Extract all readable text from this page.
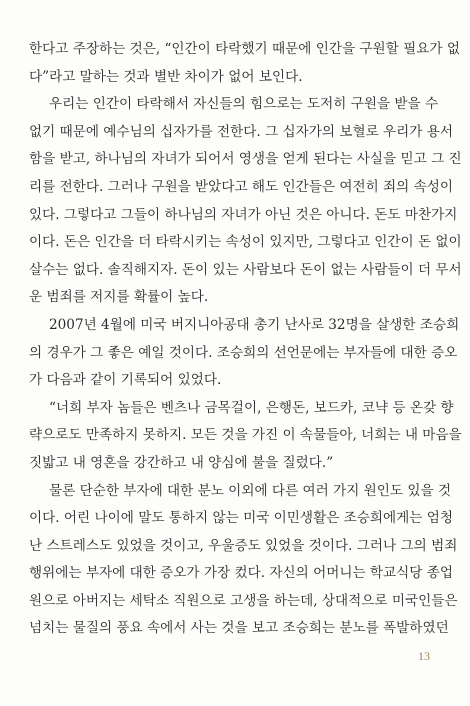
한다고 주장하는 것은, “인간이 타락했기 때문에 인간을 구원할 필요가 없
다”라고 말하는 것과 별반 차이가 없어 보인다.
우리는 인간이 타락해서 자신들의 힘으로는 도저히 구원을 받을 수
없기 때문에 예수님의 십자가를 전한다. 그 십자가의 보혈로 우리가 용서
함을 받고, 하나님의 자녀가 되어서 영생을 얻게 된다는 사실을 믿고 그 진
리를 전한다. 그러나 구원을 받았다고 해도 인간들은 여전히 죄의 속성이
있다. 그렇다고 그들이 하나님의 자녀가 아닌 것은 아니다. 돈도 마찬가지
이다. 돈은 인간을 더 타락시키는 속성이 있지만, 그렇다고 인간이 돈 없이
살수는 없다. 솔직해지자. 돈이 있는 사람보다 돈이 없는 사람들이 더 무서
운 범죄를 저지를 확률이 높다.
2007년 4월에 미국 버지니아공대 총기 난사로 32명을 살생한 조승희
의 경우가 그 좋은 예일 것이다. 조승희의 선언문에는 부자들에 대한 증오
가 다음과 같이 기록되어 있었다.
“너희 부자 놈들은 벤츠나 금목걸이, 은행돈, 보드카, 코냑 등 온갖 향
략으로도 만족하지 못하지. 모든 것을 가진 이 속물들아, 너희는 내 마음을
짓밟고 내 영혼을 강간하고 내 양심에 불을 질렀다.”
물론 단순한 부자에 대한 분노 이외에 다른 여러 가지 원인도 있을 것
이다. 어린 나이에 말도 통하지 않는 미국 이민생활은 조승희에게는 엄청
난 스트레스도 있었을 것이고, 우울증도 있었을 것이다. 그러나 그의 범죄
행위에는 부자에 대한 증오가 가장 컸다. 자신의 어머니는 학교식당 종업
원으로 아버지는 세탁소 직원으로 고생을 하는데, 상대적으로 미국인들은
넘치는 물질의 풍요 속에서 사는 것을 보고 조승희는 분노를 폭발하였던
13
